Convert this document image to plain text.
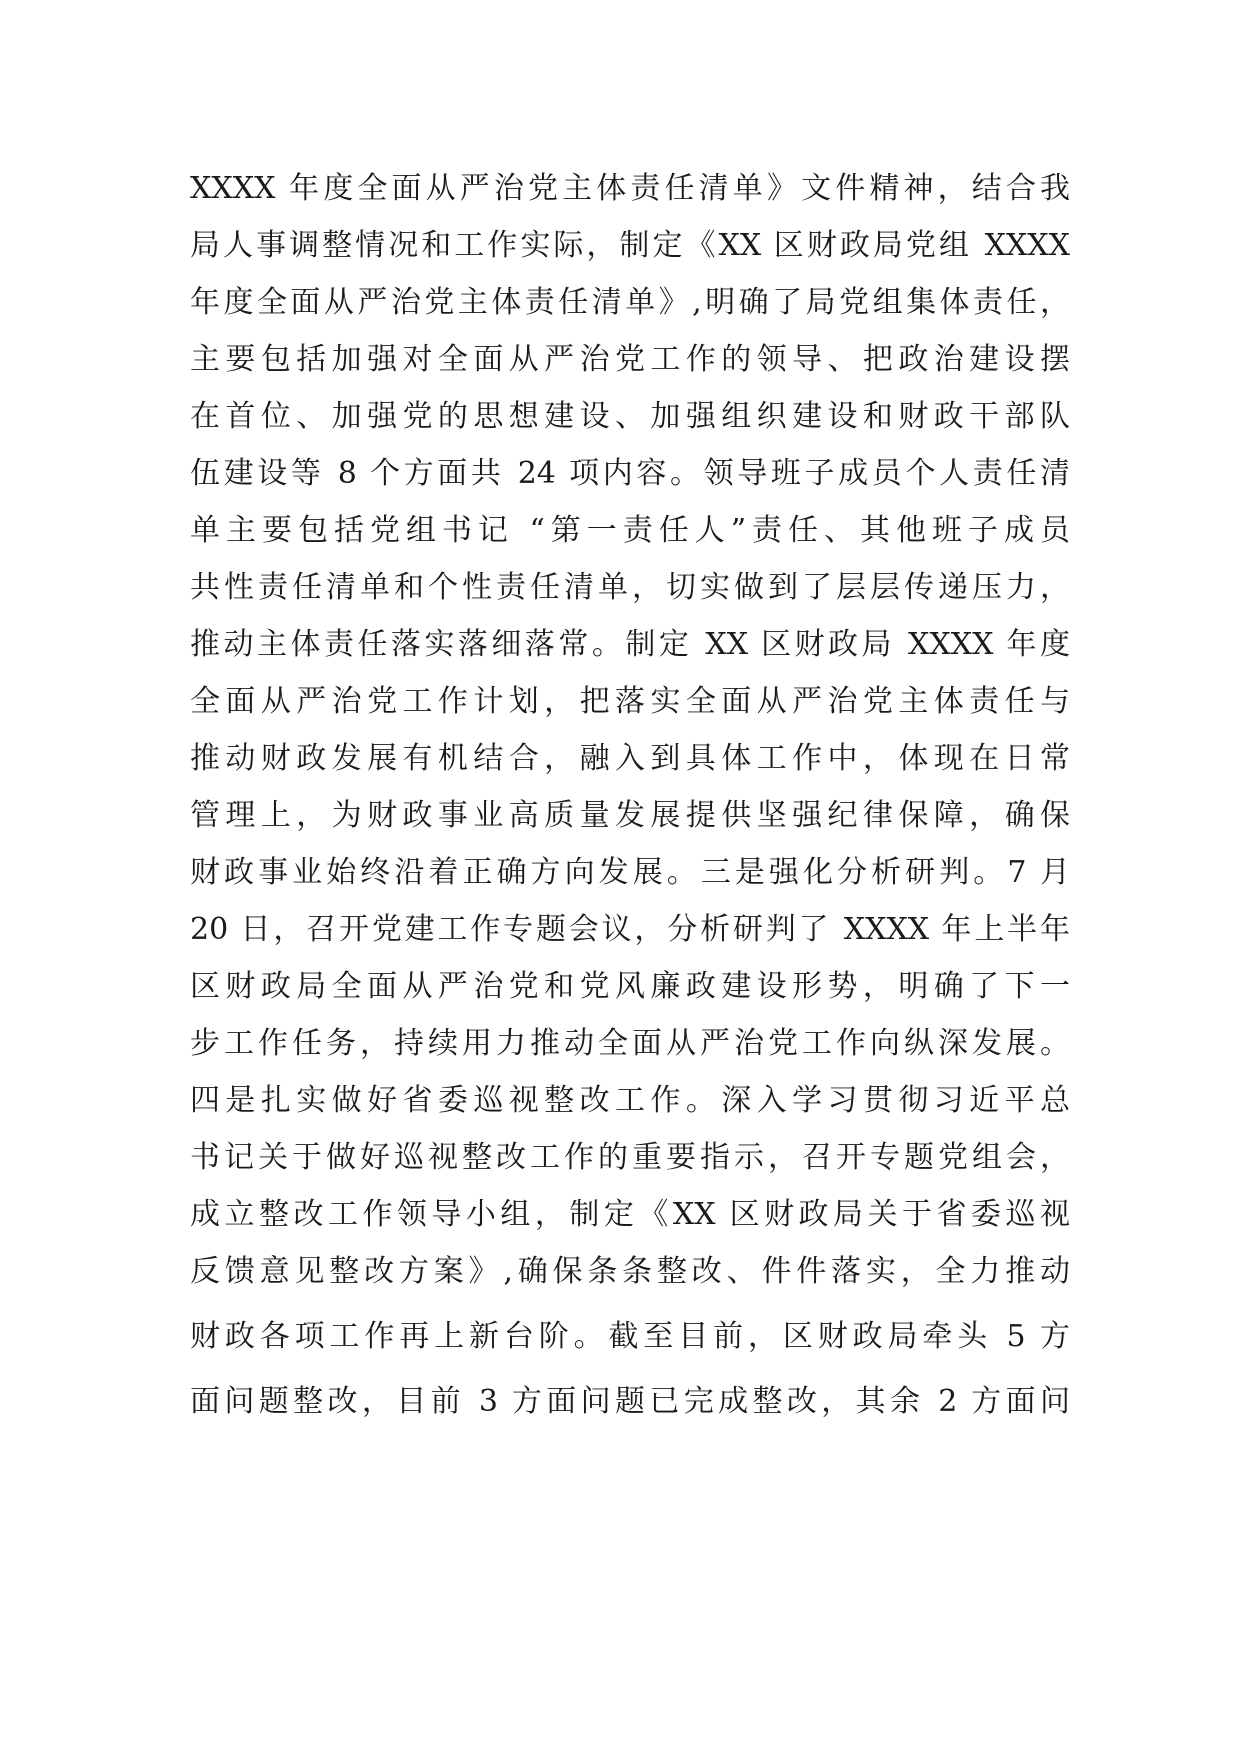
XXXX 年度全面从严治党主体责任清单》文件精神，结合我
局人事调整情况和工作实际，制定《XX 区财政局党组 XXXX
年度全面从严治党主体责任清单》,明确了局党组集体责任，
主要包括加强对全面从严治党工作的领导、把政治建设摆
在首位、加强党的思想建设、加强组织建设和财政干部队
伍建设等 8 个方面共 24 项内容。领导班子成员个人责任清
单主要包括党组书记 “第一责任人”责任、其他班子成员
共性责任清单和个性责任清单，切实做到了层层传递压力，
推动主体责任落实落细落常。制定 XX 区财政局 XXXX 年度
全面从严治党工作计划，把落实全面从严治党主体责任与
推动财政发展有机结合，融入到具体工作中，体现在日常
管理上，为财政事业高质量发展提供坚强纪律保障，确保
财政事业始终沿着正确方向发展。三是强化分析研判。7 月
20 日，召开党建工作专题会议，分析研判了 XXXX 年上半年
区财政局全面从严治党和党风廉政建设形势，明确了下一
步工作任务，持续用力推动全面从严治党工作向纵深发展。
四是扎实做好省委巡视整改工作。深入学习贯彻习近平总
书记关于做好巡视整改工作的重要指示，召开专题党组会，
成立整改工作领导小组，制定《XX 区财政局关于省委巡视
反馈意见整改方案》,确保条条整改、件件落实，全力推动
财政各项工作再上新台阶。截至目前，区财政局牵头 5 方
面问题整改，目前 3 方面问题已完成整改，其余 2 方面问
